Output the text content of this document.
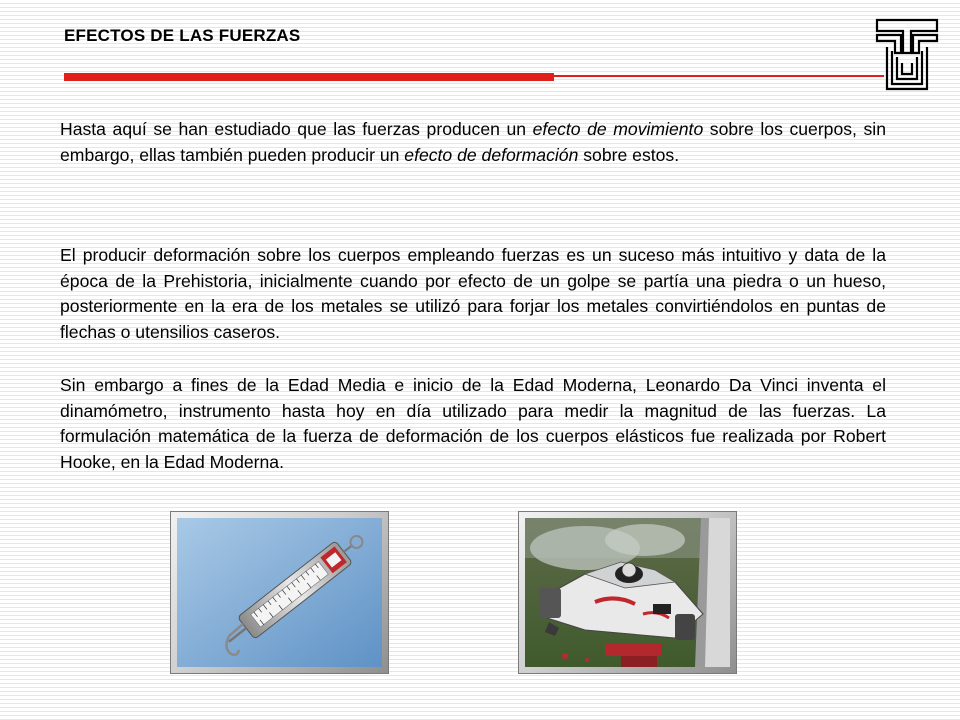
EFECTOS DE LAS FUERZAS
Hasta aquí se han estudiado que las fuerzas producen un efecto de movimiento sobre los cuerpos, sin embargo, ellas también pueden producir un efecto de deformación sobre estos.
El producir deformación sobre los cuerpos empleando fuerzas es un suceso más intuitivo y data de la época de la Prehistoria, inicialmente cuando por efecto de un golpe se partía una piedra o un hueso, posteriormente en la era de los metales se utilizó para forjar los metales convirtiéndolos en puntas de flechas o utensilios caseros.
Sin embargo a fines de la Edad Media e inicio de la Edad Moderna, Leonardo Da Vinci inventa el dinamómetro, instrumento hasta hoy en día utilizado para medir la magnitud de las fuerzas. La formulación matemática de la fuerza de deformación de los cuerpos elásticos fue realizada por Robert Hooke, en la Edad Moderna.
